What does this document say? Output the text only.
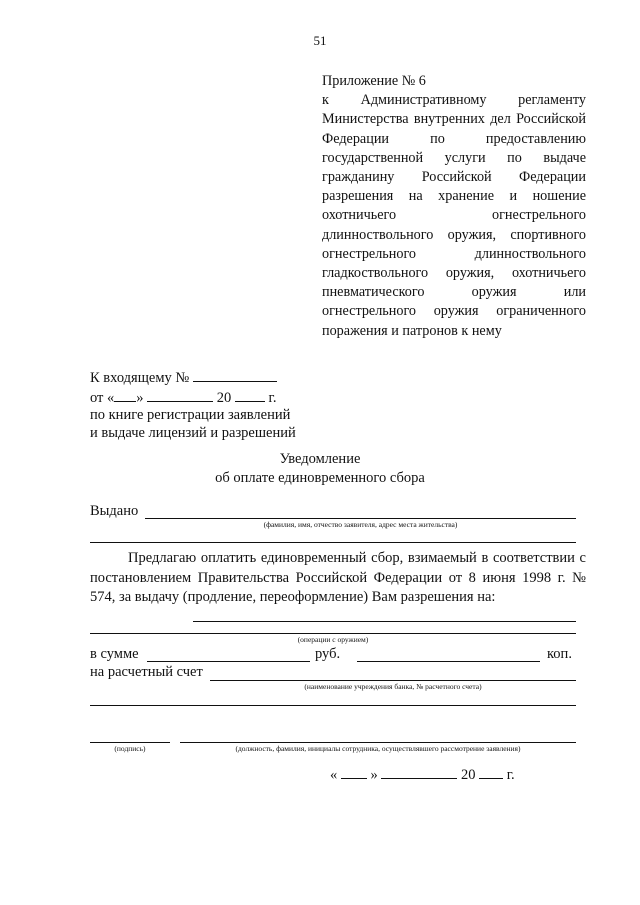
51
Приложение № 6
к Административному регламенту Министерства внутренних дел Российской Федерации по предоставлению государственной услуги по выдаче гражданину Российской Федерации разрешения на хранение и ношение охотничьего огнестрельного длинноствольного оружия, спортивного огнестрельного длинноствольного гладкоствольного оружия, охотничьего пневматического оружия или огнестрельного оружия ограниченного поражения и патронов к нему
К входящему №
от « »	20	г.
по книге регистрации заявлений
и выдаче лицензий и разрешений
Уведомление
об оплате единовременного сбора
Выдано
(фамилия, имя, отчество заявителя, адрес места жительства)
Предлагаю оплатить единовременный сбор, взимаемый в соответствии с постановлением Правительства Российской Федерации от 8 июня 1998 г. № 574, за выдачу (продление, переоформление) Вам разрешения на:
(операции с оружием)
в сумме	руб.	коп.
на расчетный счет
(наименование учреждения банка, № расчетного счета)
(подпись)	(должность, фамилия, инициалы сотрудника, осуществлявшего рассмотрение заявления)
« »	20 г.
